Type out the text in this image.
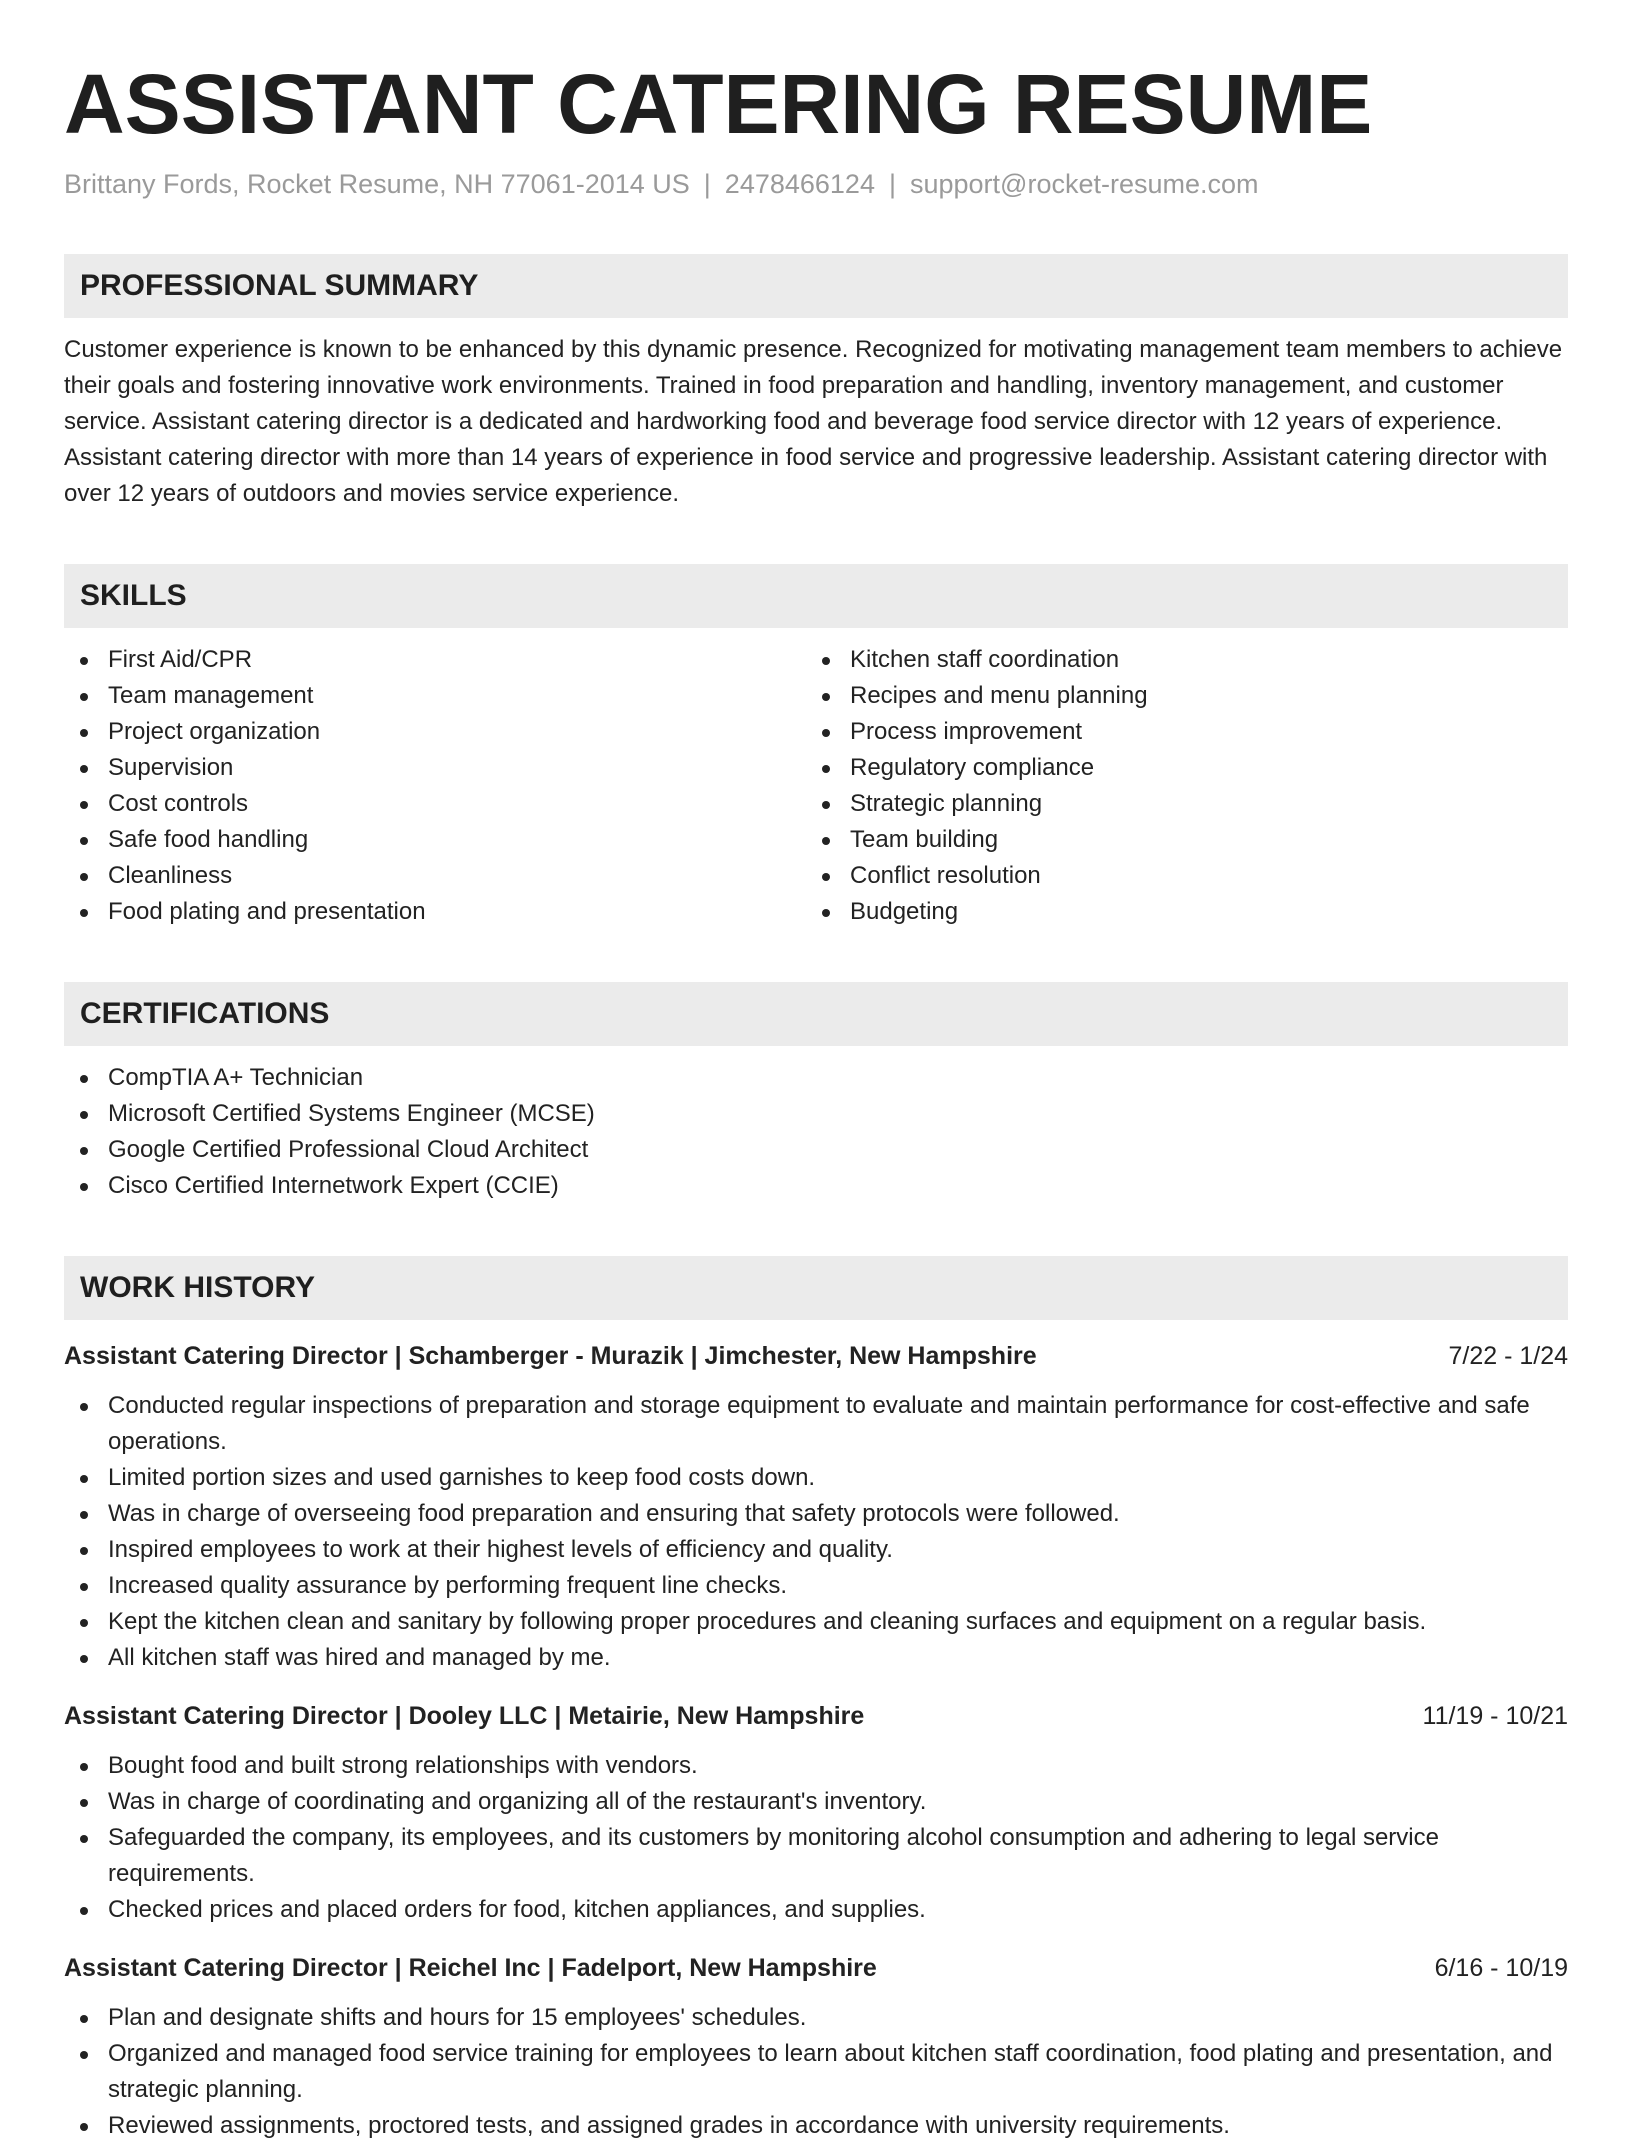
ASSISTANT CATERING RESUME
Brittany Fords, Rocket Resume, NH 77061-2014 US | 2478466124 | support@rocket-resume.com
PROFESSIONAL SUMMARY
Customer experience is known to be enhanced by this dynamic presence. Recognized for motivating management team members to achieve their goals and fostering innovative work environments. Trained in food preparation and handling, inventory management, and customer service. Assistant catering director is a dedicated and hardworking food and beverage food service director with 12 years of experience. Assistant catering director with more than 14 years of experience in food service and progressive leadership. Assistant catering director with over 12 years of outdoors and movies service experience.
SKILLS
First Aid/CPR
Team management
Project organization
Supervision
Cost controls
Safe food handling
Cleanliness
Food plating and presentation
Kitchen staff coordination
Recipes and menu planning
Process improvement
Regulatory compliance
Strategic planning
Team building
Conflict resolution
Budgeting
CERTIFICATIONS
CompTIA A+ Technician
Microsoft Certified Systems Engineer (MCSE)
Google Certified Professional Cloud Architect
Cisco Certified Internetwork Expert (CCIE)
WORK HISTORY
Assistant Catering Director | Schamberger - Murazik | Jimchester, New Hampshire	7/22 - 1/24
Conducted regular inspections of preparation and storage equipment to evaluate and maintain performance for cost-effective and safe operations.
Limited portion sizes and used garnishes to keep food costs down.
Was in charge of overseeing food preparation and ensuring that safety protocols were followed.
Inspired employees to work at their highest levels of efficiency and quality.
Increased quality assurance by performing frequent line checks.
Kept the kitchen clean and sanitary by following proper procedures and cleaning surfaces and equipment on a regular basis.
All kitchen staff was hired and managed by me.
Assistant Catering Director | Dooley LLC | Metairie, New Hampshire	11/19 - 10/21
Bought food and built strong relationships with vendors.
Was in charge of coordinating and organizing all of the restaurant's inventory.
Safeguarded the company, its employees, and its customers by monitoring alcohol consumption and adhering to legal service requirements.
Checked prices and placed orders for food, kitchen appliances, and supplies.
Assistant Catering Director | Reichel Inc | Fadelport, New Hampshire	6/16 - 10/19
Plan and designate shifts and hours for 15 employees' schedules.
Organized and managed food service training for employees to learn about kitchen staff coordination, food plating and presentation, and strategic planning.
Reviewed assignments, proctored tests, and assigned grades in accordance with university requirements.
